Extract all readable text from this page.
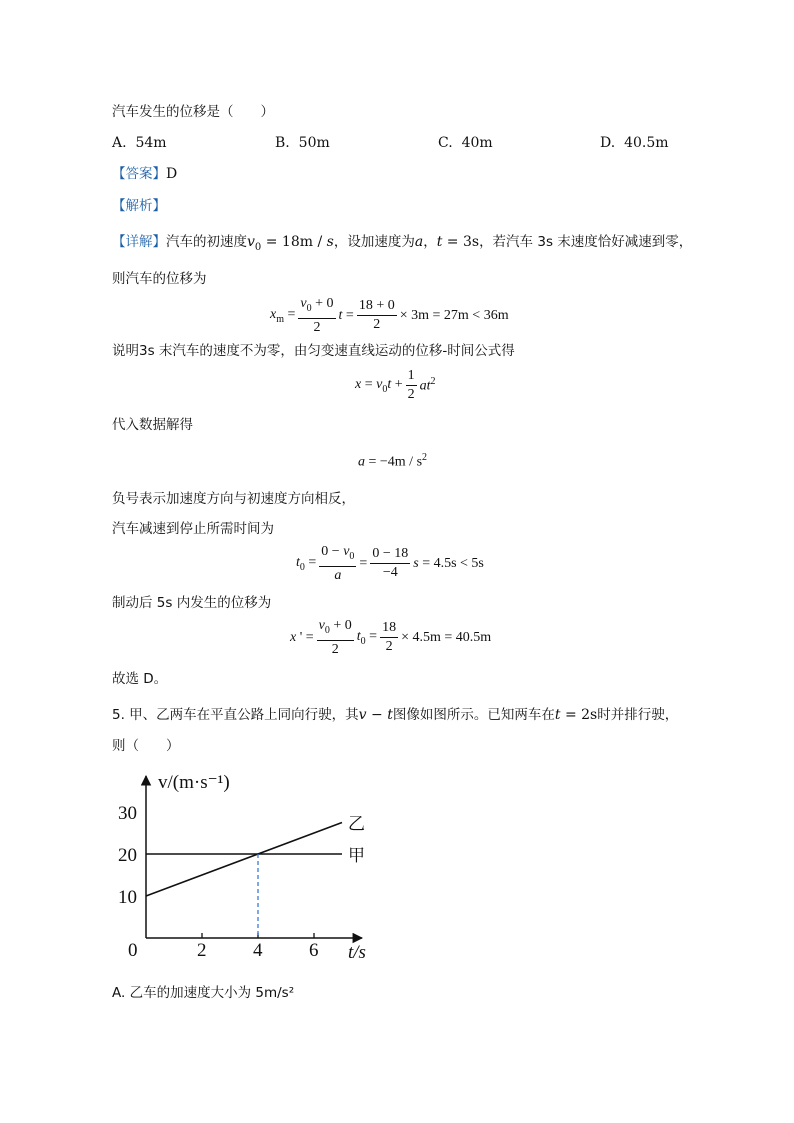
汽车发生的位移是（　　）
A. 54m	B. 50m	C. 40m	D. 40.5m
【答案】D
【解析】
【详解】汽车的初速度$v_0 = 18m / s$，设加速度为a，t = 3s，若汽车 3s 末速度恰好减速到零，
则汽车的位移为
$x_m = \frac{v_0 + 0}{2}$ $t = \frac{18 + 0}{2} \times 3m = 27m < 36m$
说明3s 末汽车的速度不为零，由匀变速直线运动的位移-时间公式得
$x = v_0t + \frac{1}{2} at^2$
代入数据解得
$a = -4m / s^2$
负号表示加速度方向与初速度方向相反，
汽车减速到停止所需时间为
$t_0 = \frac{0 - v_0}{a} = \frac{0 - 18}{-4}$ s = 4.5s < 5s
制动后 5s 内发生的位移为
x ' = $\frac{v_0 + 0}{2} t_0 = \frac{18}{2} \times 4.5m = 40.5m$
故选 D。
5. 甲、乙两车在平直公路上同向行驶，其v − t图像如图所示。已知两车在t = 2s时并排行驶，
则（　　）
2 4 6
10
20
30
乙
甲
v/(m·s⁻¹)
t/s
0
A. 乙车的加速度大小为 5m/s²
